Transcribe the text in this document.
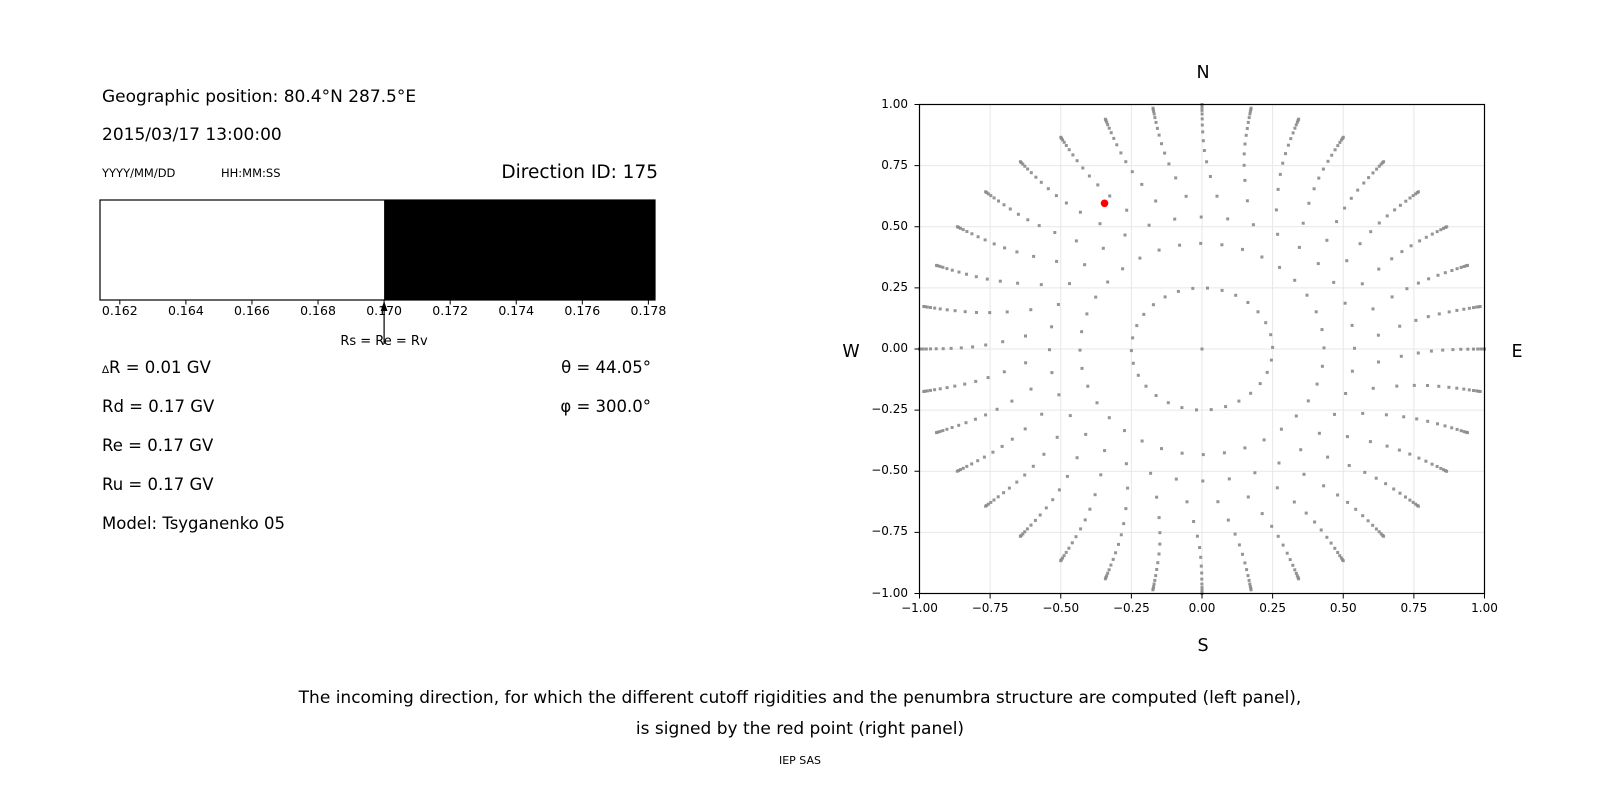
Geographic position: 80.4°N 287.5°E
2015/03/17 13:00:00
YYYY/MM/DD	HH:MM:SS	Direction ID: 175
0.162 0.164 0.166 0.168 0.170 0.172 0.174 0.176 0.178
Rs = Re = Rv
∆R = 0.01 GV
Rd = 0.17 GV
Re = 0.17 GV
Ru = 0.17 GV
Model: Tsyganenko 05
θ = 44.05°
φ = 300.0°
−1.00	−0.75	−0.50	−0.25	0.00	0.25	0.50	0.75	1.00
1.00
0.75
0.50
0.25
0.00
−0.25
−0.50
−0.75
−1.00
N
S
W	E
The incoming direction, for which the different cutoff rigidities and the penumbra structure are computed (left panel),
is signed by the red point (right panel)
IEP SAS
